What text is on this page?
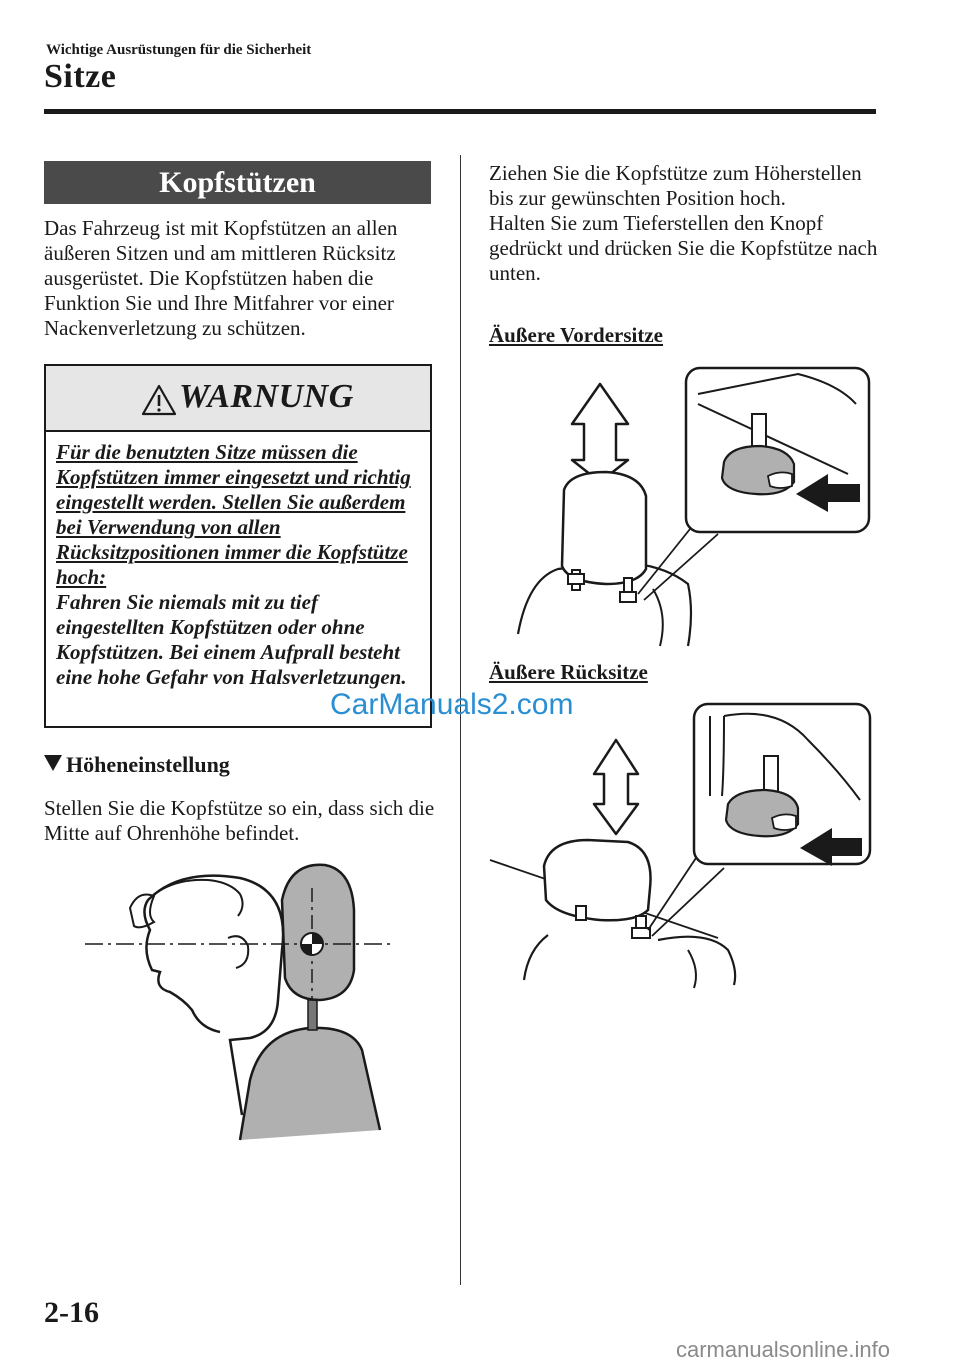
Wichtige Ausrüstungen für die Sicherheit
Sitze
Kopfstützen
Das Fahrzeug ist mit Kopfstützen an allen äußeren Sitzen und am mittleren Rücksitz ausgerüstet. Die Kopfstützen haben die Funktion Sie und Ihre Mitfahrer vor einer Nackenverletzung zu schützen.
WARNUNG
Für die benutzten Sitze müssen die Kopfstützen immer eingesetzt und richtig eingestellt werden. Stellen Sie außerdem bei Verwendung von allen Rücksitzpositionen immer die Kopfstütze hoch:
Fahren Sie niemals mit zu tief eingestellten Kopfstützen oder ohne Kopfstützen. Bei einem Aufprall besteht eine hohe Gefahr von Halsverletzungen.
CarManuals2.com
Höheneinstellung
Stellen Sie die Kopfstütze so ein, dass sich die Mitte auf Ohrenhöhe befindet.
Ziehen Sie die Kopfstütze zum Höherstellen bis zur gewünschten Position hoch.
Halten Sie zum Tieferstellen den Knopf gedrückt und drücken Sie die Kopfstütze nach unten.
Äußere Vordersitze
Äußere Rücksitze
2-16
carmanualsonline.info
